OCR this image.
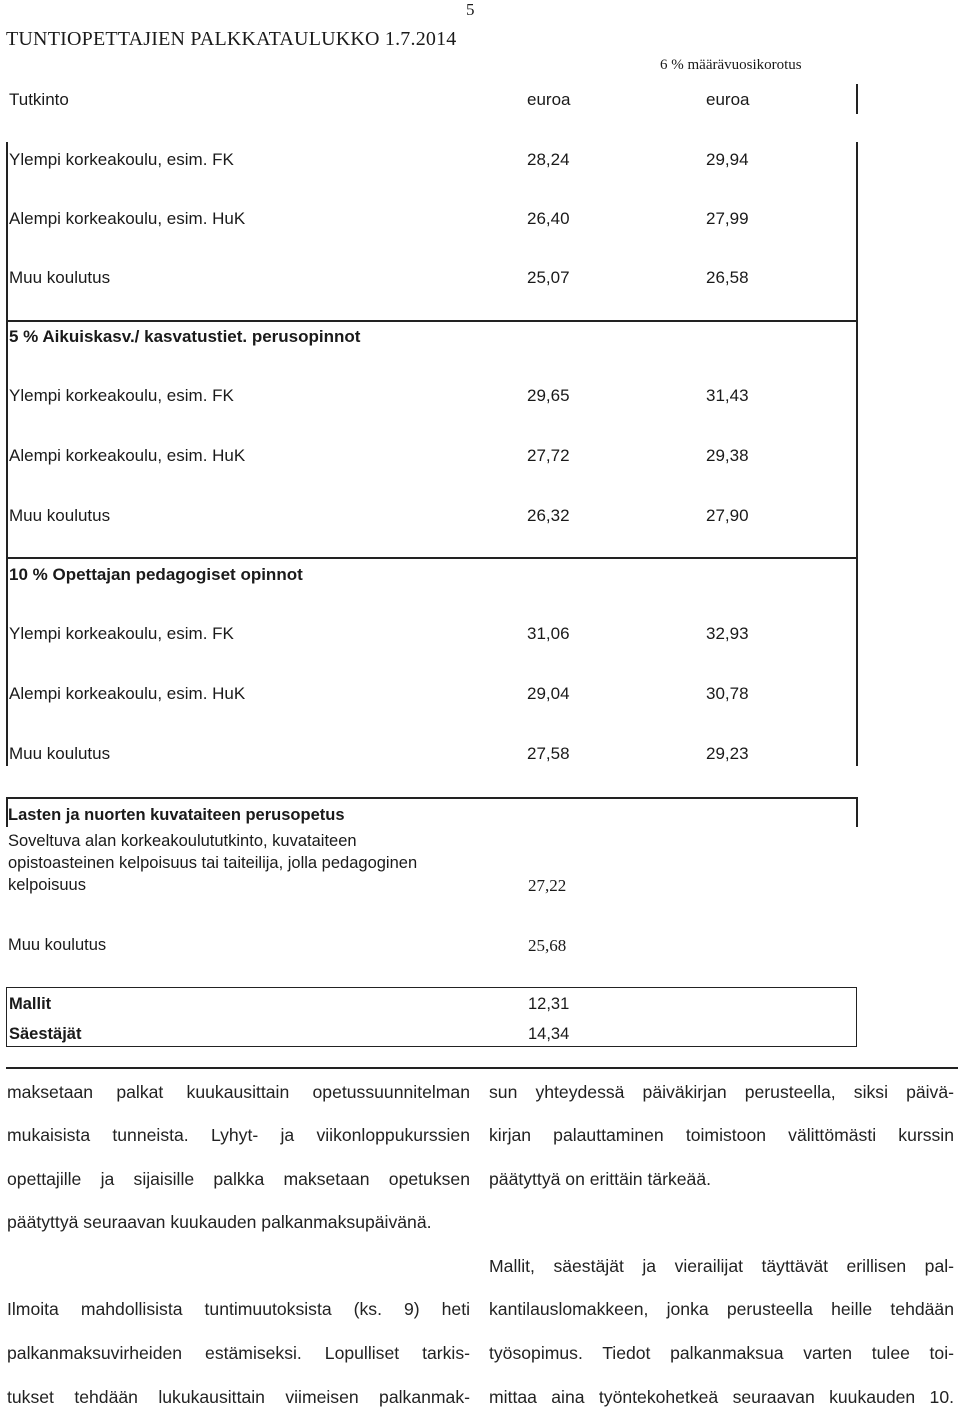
5
TUNTIOPETTAJIEN PALKKATAULUKKO 1.7.2014
6 % määrävuosikorotus
Tutkinto	euroa	euroa
Ylempi korkeakoulu, esim. FK	28,24	29,94
Alempi korkeakoulu, esim. HuK	26,40	27,99
Muu koulutus	25,07	26,58
5 % Aikuiskasv./ kasvatustiet. perusopinnot
Ylempi korkeakoulu, esim. FK	29,65	31,43
Alempi korkeakoulu, esim. HuK	27,72	29,38
Muu koulutus	26,32	27,90
10 % Opettajan pedagogiset opinnot
Ylempi korkeakoulu, esim. FK	31,06	32,93
Alempi korkeakoulu, esim. HuK	29,04	30,78
Muu koulutus	27,58	29,23
Lasten ja nuorten kuvataiteen perusopetus
Soveltuva alan korkeakoulututkinto, kuvataiteen
opistoasteinen kelpoisuus tai taiteilija, jolla pedagoginen
kelpoisuus	27,22
Muu koulutus	25,68
Mallit	12,31
Säestäjät	14,34
maksetaan palkat kuukausittain opetussuunnitelman
mukaisista tunneista. Lyhyt- ja viikonloppukurssien
opettajille ja sijaisille palkka maksetaan opetuksen
päätyttyä seuraavan kuukauden palkanmaksupäivänä.
Ilmoita mahdollisista tuntimuutoksista (ks. 9) heti
palkanmaksuvirheiden estämiseksi. Lopulliset tarkis-
tukset tehdään lukukausittain viimeisen palkanmak-
sun yhteydessä päiväkirjan perusteella, siksi päivä-
kirjan palauttaminen toimistoon välittömästi kurssin
päätyttyä on erittäin tärkeää.
Mallit, säestäjät ja vierailijat täyttävät erillisen pal-
kantilauslomakkeen, jonka perusteella heille tehdään
työsopimus. Tiedot palkanmaksua varten tulee toi-
mittaa aina työntekohetkeä seuraavan kuukauden 10.
